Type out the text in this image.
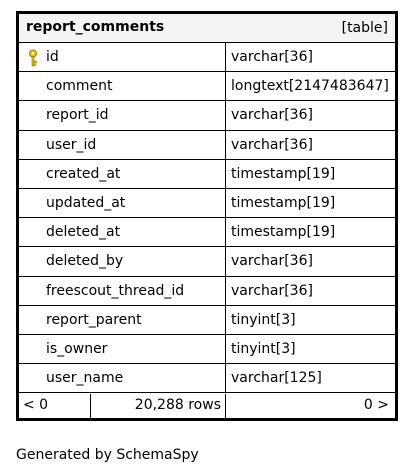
report_comments	[table]
id	varchar[36]
comment	longtext[2147483647]
report_id	varchar[36]
user_id	varchar[36]
created_at	timestamp[19]
updated_at	timestamp[19]
deleted_at	timestamp[19]
deleted_by	varchar[36]
freescout_thread_id	varchar[36]
report_parent	tinyint[3]
is_owner	tinyint[3]
user_name	varchar[125]
< 0	20,288 rows	0 >
Generated by SchemaSpy
